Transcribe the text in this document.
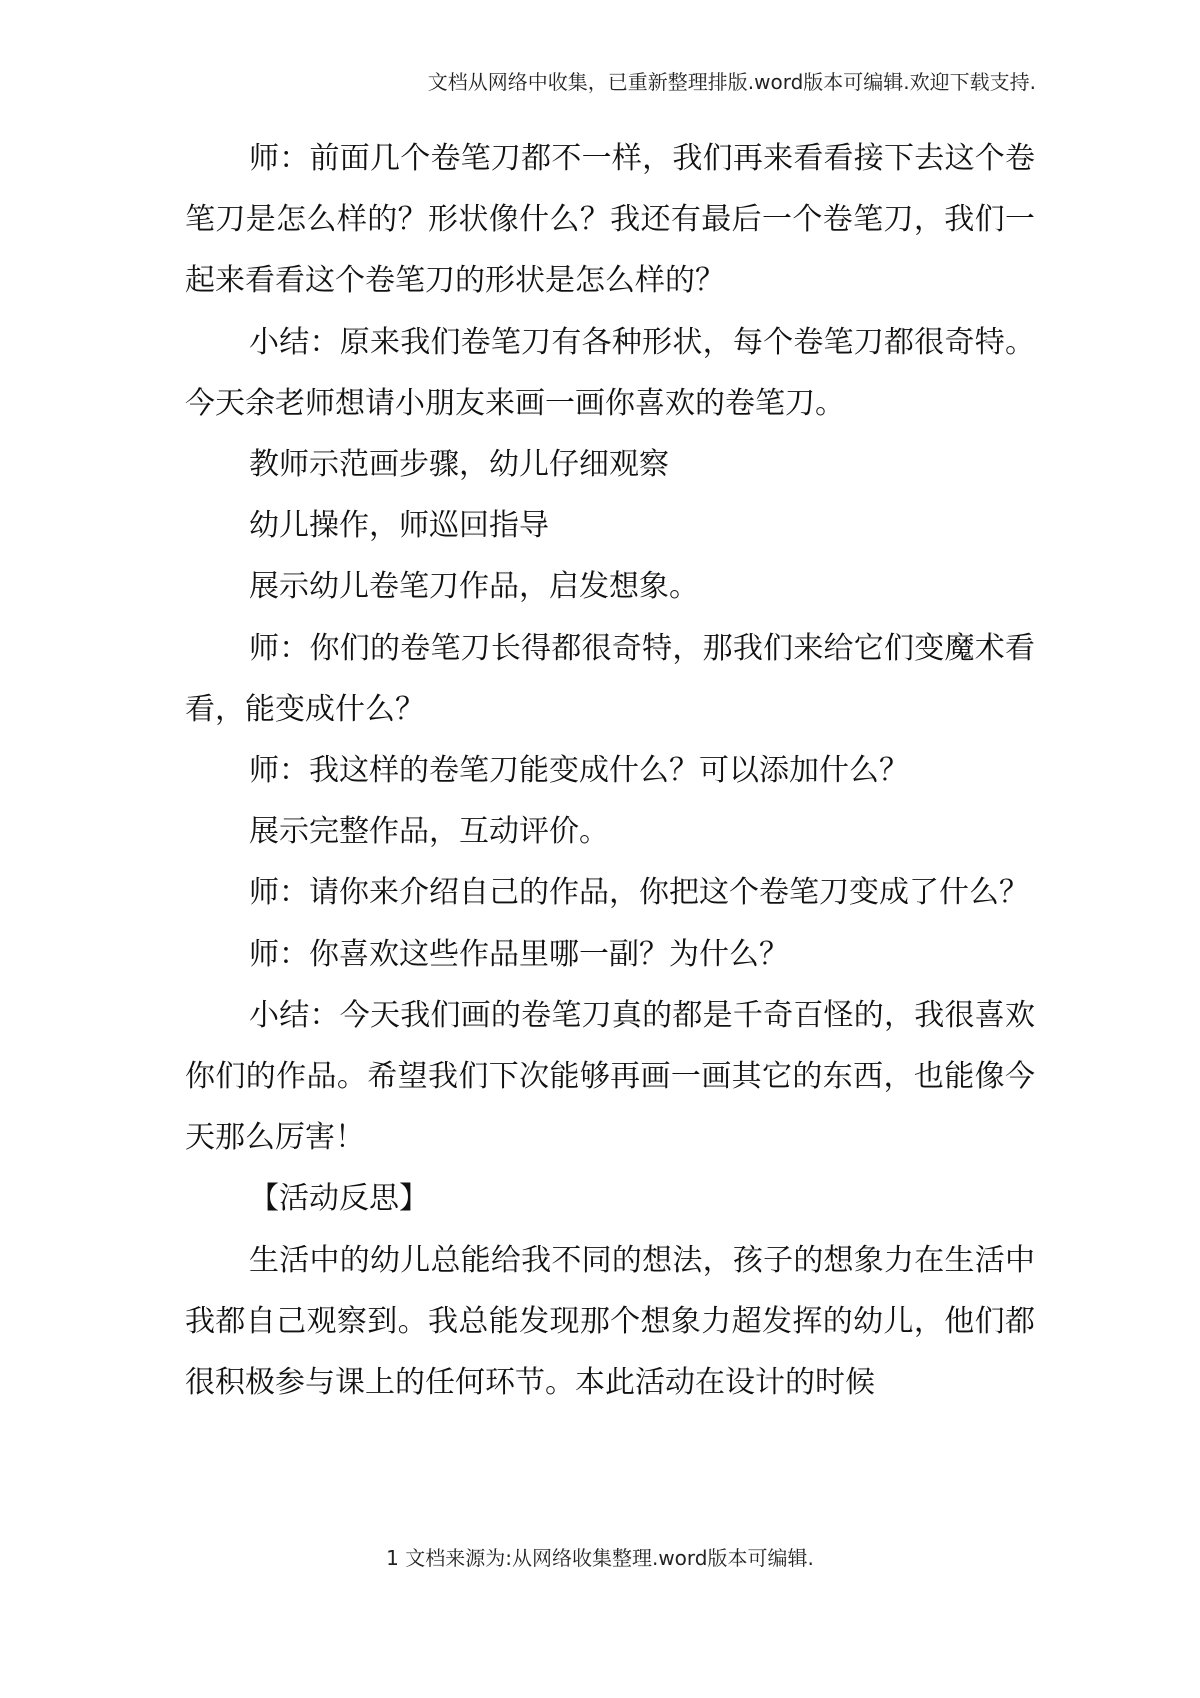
文档从网络中收集，已重新整理排版.word版本可编辑.欢迎下载支持.

师：前面几个卷笔刀都不一样，我们再来看看接下去这个卷笔刀是怎么样的？形状像什么？我还有最后一个卷笔刀，我们一起来看看这个卷笔刀的形状是怎么样的？

小结：原来我们卷笔刀有各种形状，每个卷笔刀都很奇特。今天余老师想请小朋友来画一画你喜欢的卷笔刀。

教师示范画步骤，幼儿仔细观察

幼儿操作，师巡回指导

展示幼儿卷笔刀作品，启发想象。

师：你们的卷笔刀长得都很奇特，那我们来给它们变魔术看看，能变成什么？

师：我这样的卷笔刀能变成什么？可以添加什么？

展示完整作品，互动评价。

师：请你来介绍自己的作品，你把这个卷笔刀变成了什么？

师：你喜欢这些作品里哪一副？为什么？

小结：今天我们画的卷笔刀真的都是千奇百怪的，我很喜欢你们的作品。希望我们下次能够再画一画其它的东西，也能像今天那么厉害！

【活动反思】

生活中的幼儿总能给我不同的想法，孩子的想象力在生活中我都自己观察到。我总能发现那个想象力超发挥的幼儿，他们都很积极参与课上的任何环节。本此活动在设计的时候

1 文档来源为:从网络收集整理.word版本可编辑.
